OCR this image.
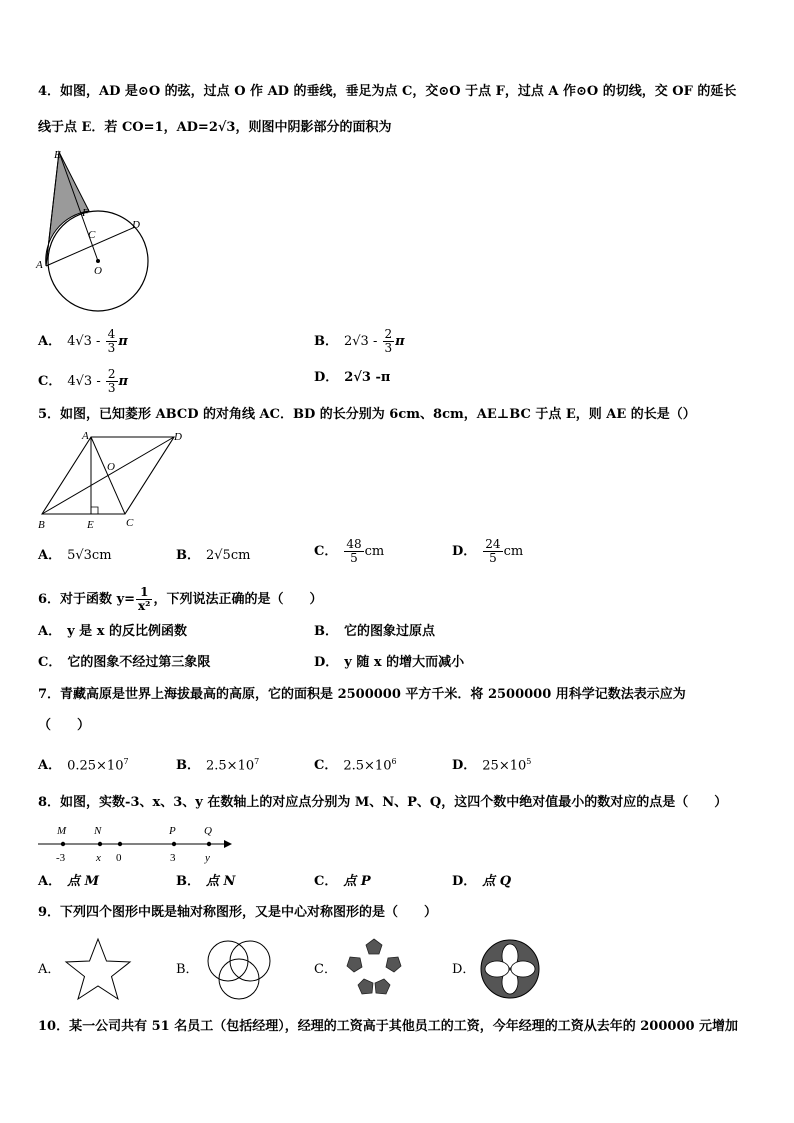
4．如图，AD 是⊙O 的弦，过点 O 作 AD 的垂线，垂足为点 C，交⊙O 于点 F，过点 A 作⊙O 的切线，交 OF 的延长
线于点 E．若 CO=1，AD=2√3，则图中阴影部分的面积为
E
F
D
C
A	O
A． $4√3 - \frac{4}{3}$ π	B． $2√3 - \frac{2}{3}$ π
C． $4√3 - \frac{2}{3}$ π	D． 2√3 -π
5．如图，已知菱形 ABCD 的对角线 AC．BD 的长分别为 6cm、8cm，AE⊥BC 于点 E，则 AE 的长是（）
A	D
O
B	E	C
A． 5√3cm	B． 2√5cm	C． $\frac{48}{5}$ cm	D． $\frac{24}{5}$ cm
6．对于函数 $y= \frac{1}{\text{x²}}$ ，下列说法正确的是（　　）
A． y 是 x 的反比例函数	B． 它的图象过原点
C． 它的图象不经过第三象限	D． y 随 x 的增大而减小
7．青藏高原是世界上海拔最高的高原，它的面积是 2500000 平方千米．将 2500000 用科学记数法表示应为
（　　）
A． $0.25\times 10^7$	B． $2.5\times 10^7$	C． $2.5\times 10^6$	D． $25\times 10^5$
8．如图，实数-3、x、3、y 在数轴上的对应点分别为 M、N、P、Q，这四个数中绝对值最小的数对应的点是（　　）
M	N	P	Q
-3	x 0	3	y
A． 点 M	B． 点 N	C． 点 P	D． 点 Q
9．下列四个图形中既是轴对称图形，又是中心对称图形的是（　　）
A．	B．	C．	D．
10．某一公司共有 51 名员工（包括经理），经理的工资高于其他员工的工资，今年经理的工资从去年的 200000 元增加
